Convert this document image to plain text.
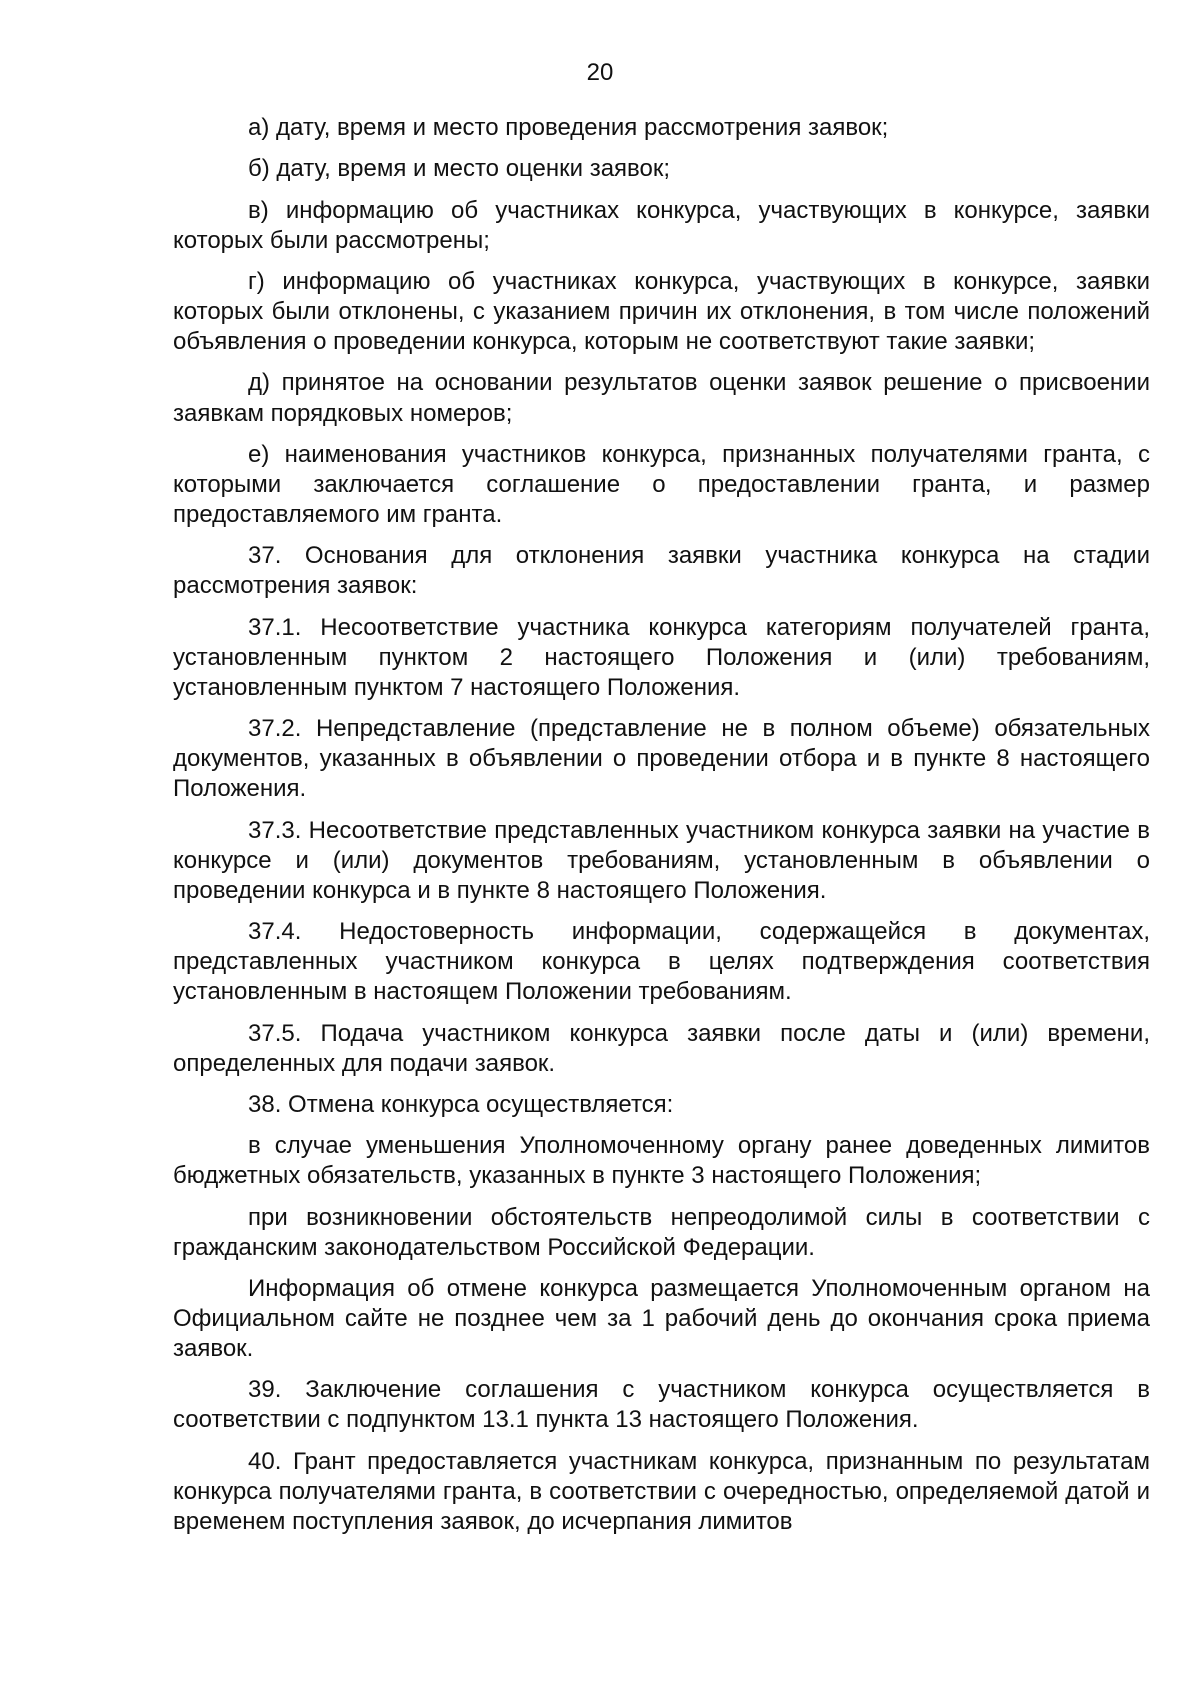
20

а) дату, время и место проведения рассмотрения заявок;

б) дату, время и место оценки заявок;

в) информацию об участниках конкурса, участвующих в конкурсе, заявки которых были рассмотрены;

г) информацию об участниках конкурса, участвующих в конкурсе, заявки которых были отклонены, с указанием причин их отклонения, в том числе положений объявления о проведении конкурса, которым не соответствуют такие заявки;

д) принятое на основании результатов оценки заявок решение о присвоении заявкам порядковых номеров;

е) наименования участников конкурса, признанных получателями гранта, с которыми заключается соглашение о предоставлении гранта, и размер предоставляемого им гранта.

37. Основания для отклонения заявки участника конкурса на стадии рассмотрения заявок:

37.1. Несоответствие участника конкурса категориям получателей гранта, установленным пунктом 2 настоящего Положения и (или) требованиям, установленным пунктом 7 настоящего Положения.

37.2. Непредставление (представление не в полном объеме) обязательных документов, указанных в объявлении о проведении отбора и в пункте 8 настоящего Положения.

37.3. Несоответствие представленных участником конкурса заявки на участие в конкурсе и (или) документов требованиям, установленным в объявлении о проведении конкурса и в пункте 8 настоящего Положения.

37.4. Недостоверность информации, содержащейся в документах, представленных участником конкурса в целях подтверждения соответствия установленным в настоящем Положении требованиям.

37.5. Подача участником конкурса заявки после даты и (или) времени, определенных для подачи заявок.

38. Отмена конкурса осуществляется:

в случае уменьшения Уполномоченному органу ранее доведенных лимитов бюджетных обязательств, указанных в пункте 3 настоящего Положения;

при возникновении обстоятельств непреодолимой силы в соответствии с гражданским законодательством Российской Федерации.

Информация об отмене конкурса размещается Уполномоченным органом на Официальном сайте не позднее чем за 1 рабочий день до окончания срока приема заявок.

39. Заключение соглашения с участником конкурса осуществляется в соответствии с подпунктом 13.1 пункта 13 настоящего Положения.

40. Грант предоставляется участникам конкурса, признанным по результатам конкурса получателями гранта, в соответствии с очередностью, определяемой датой и временем поступления заявок, до исчерпания лимитов
